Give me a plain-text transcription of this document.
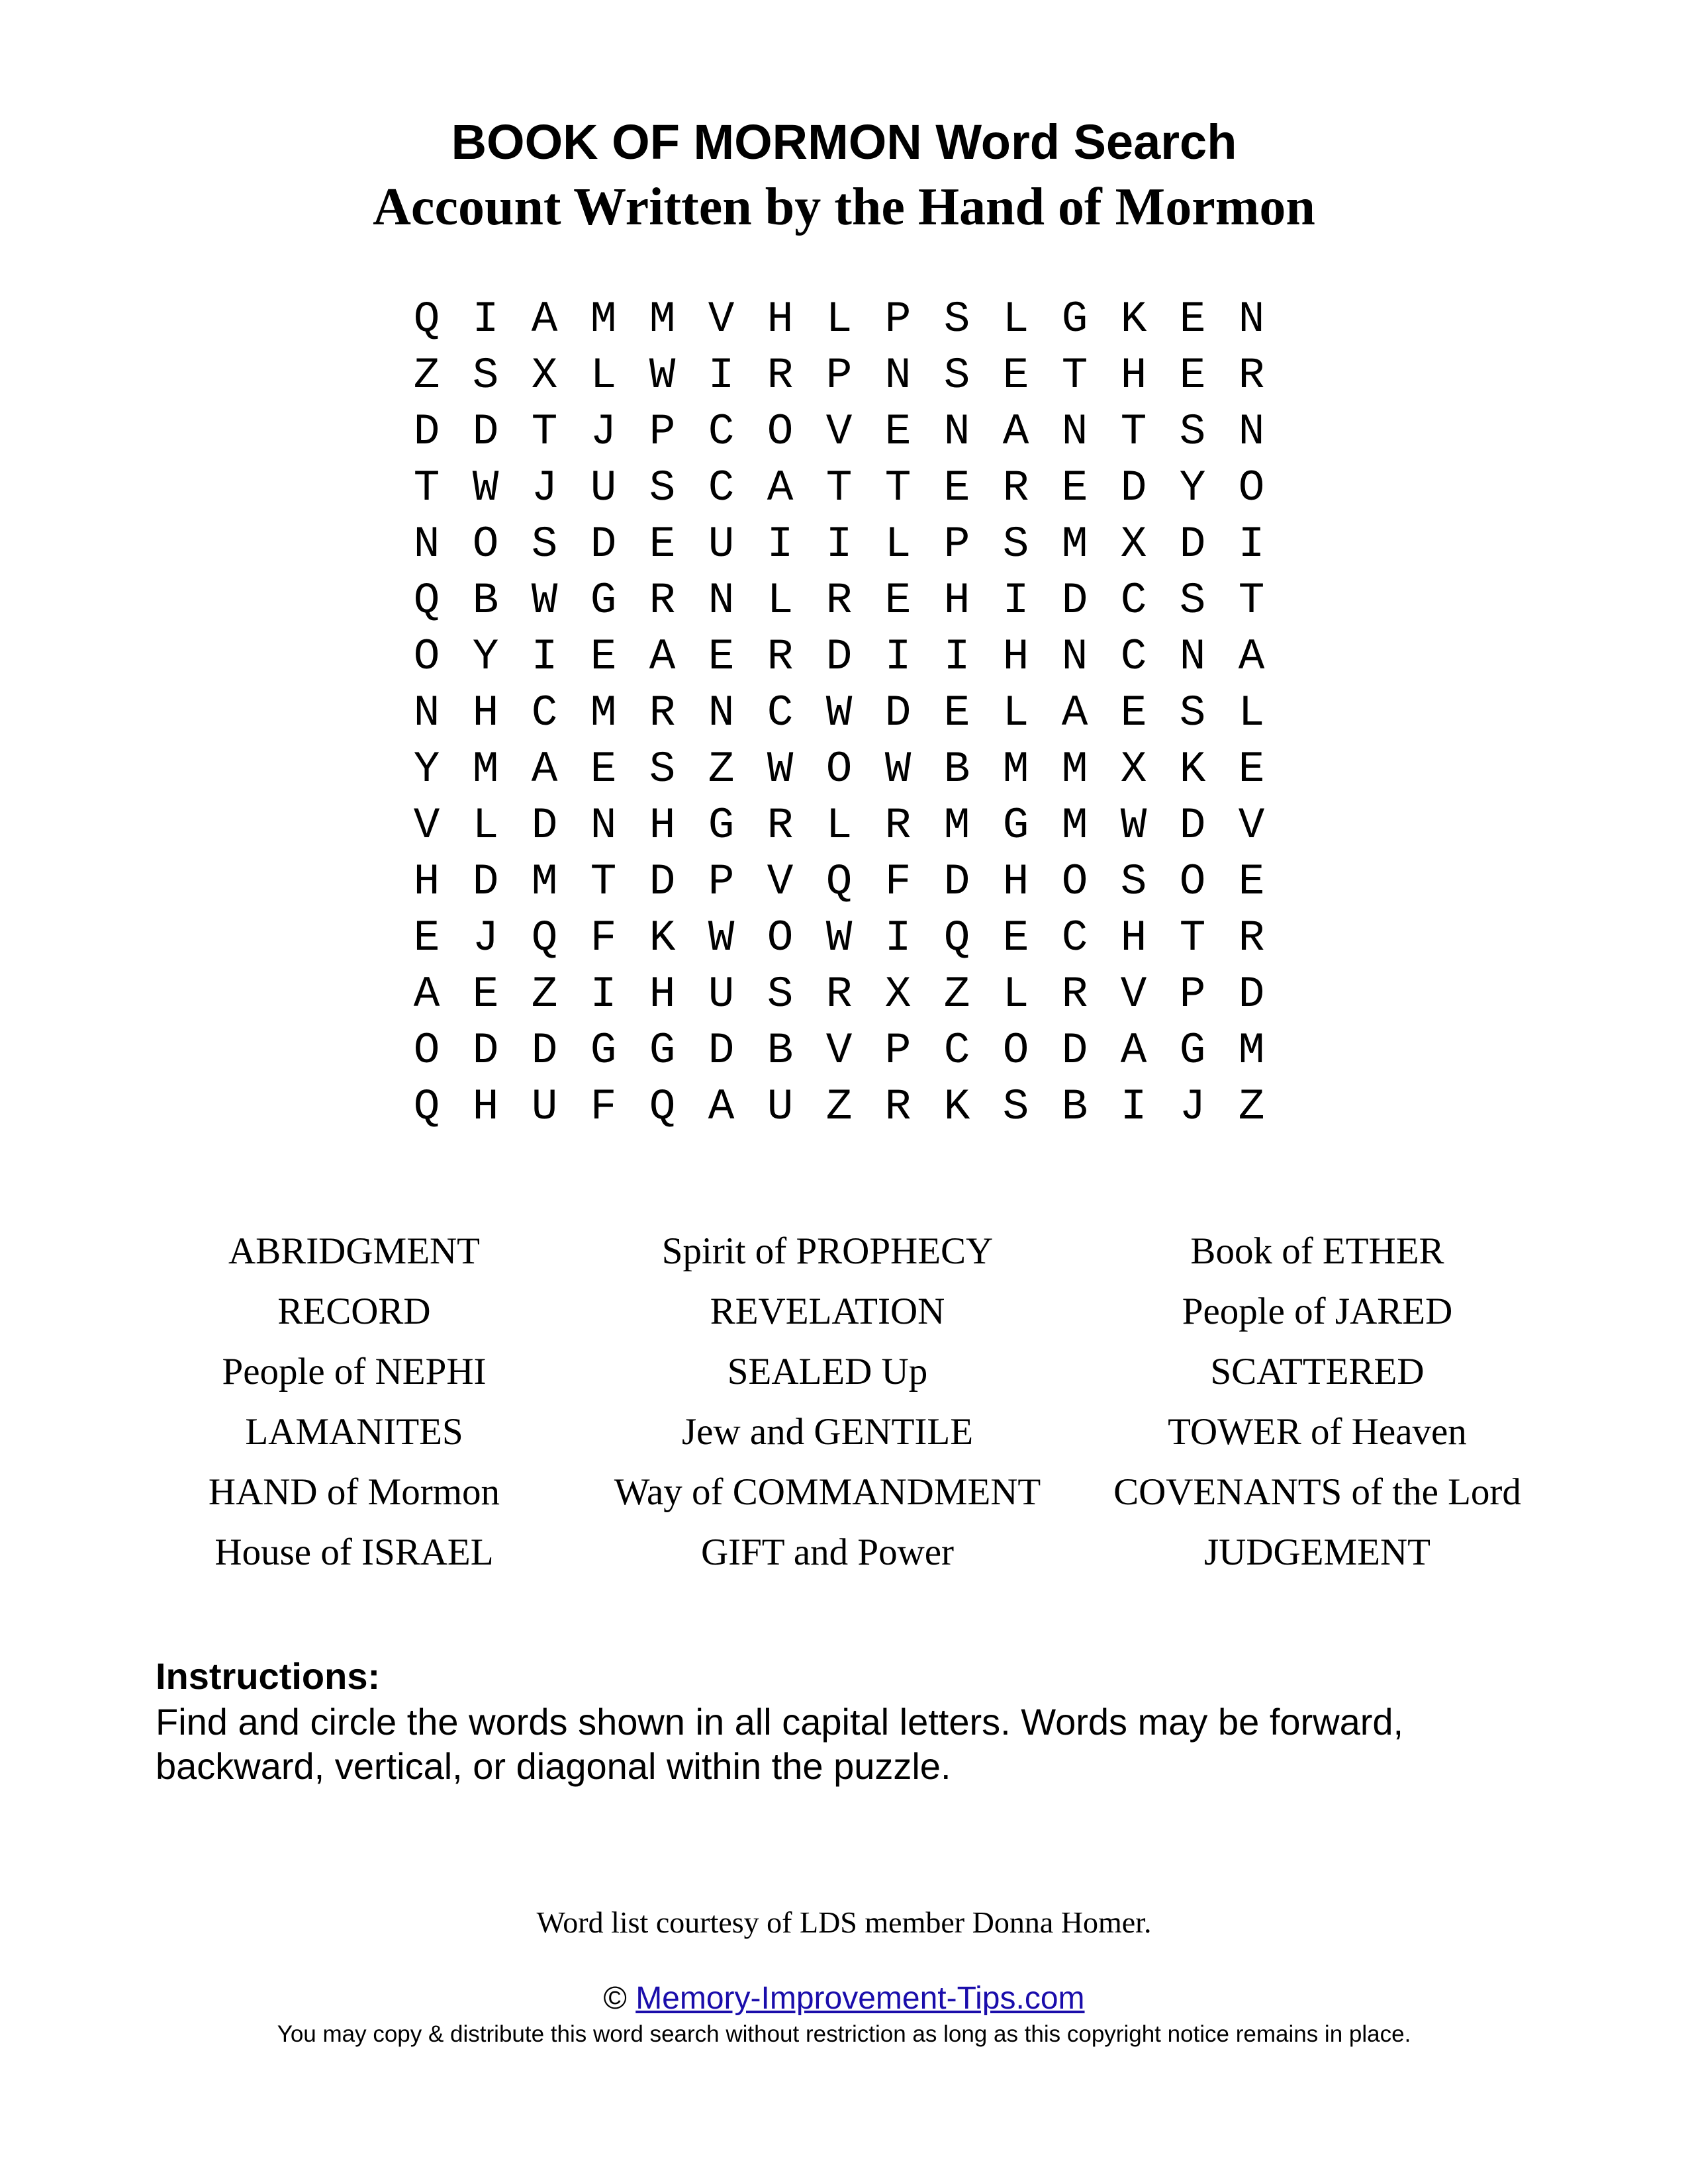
BOOK OF MORMON Word Search
Account Written by the Hand of Mormon
Q I A M M V H L P S L G K E N
Z S X L W I R P N S E T H E R
D D T J P C O V E N A N T S N
T W J U S C A T T E R E D Y O
N O S D E U I I L P S M X D I
Q B W G R N L R E H I D C S T
O Y I E A E R D I I H N C N A
N H C M R N C W D E L A E S L
Y M A E S Z W O W B M M X K E
V L D N H G R L R M G M W D V
H D M T D P V Q F D H O S O E
E J Q F K W O W I Q E C H T R
A E Z I H U S R X Z L R V P D
O D D G G D B V P C O D A G M
Q H U F Q A U Z R K S B I J Z
ABRIDGMENT
RECORD
People of NEPHI
LAMANITES
HAND of Mormon
House of ISRAEL
Spirit of PROPHECY
REVELATION
SEALED Up
Jew and GENTILE
Way of COMMANDMENT
GIFT and Power
Book of ETHER
People of JARED
SCATTERED
TOWER of Heaven
COVENANTS of the Lord
JUDGEMENT
Instructions:
Find and circle the words shown in all capital letters. Words may be forward,
backward, vertical, or diagonal within the puzzle.
Word list courtesy of LDS member Donna Homer.
© Memory-Improvement-Tips.com
You may copy & distribute this word search without restriction as long as this copyright notice remains in place.
